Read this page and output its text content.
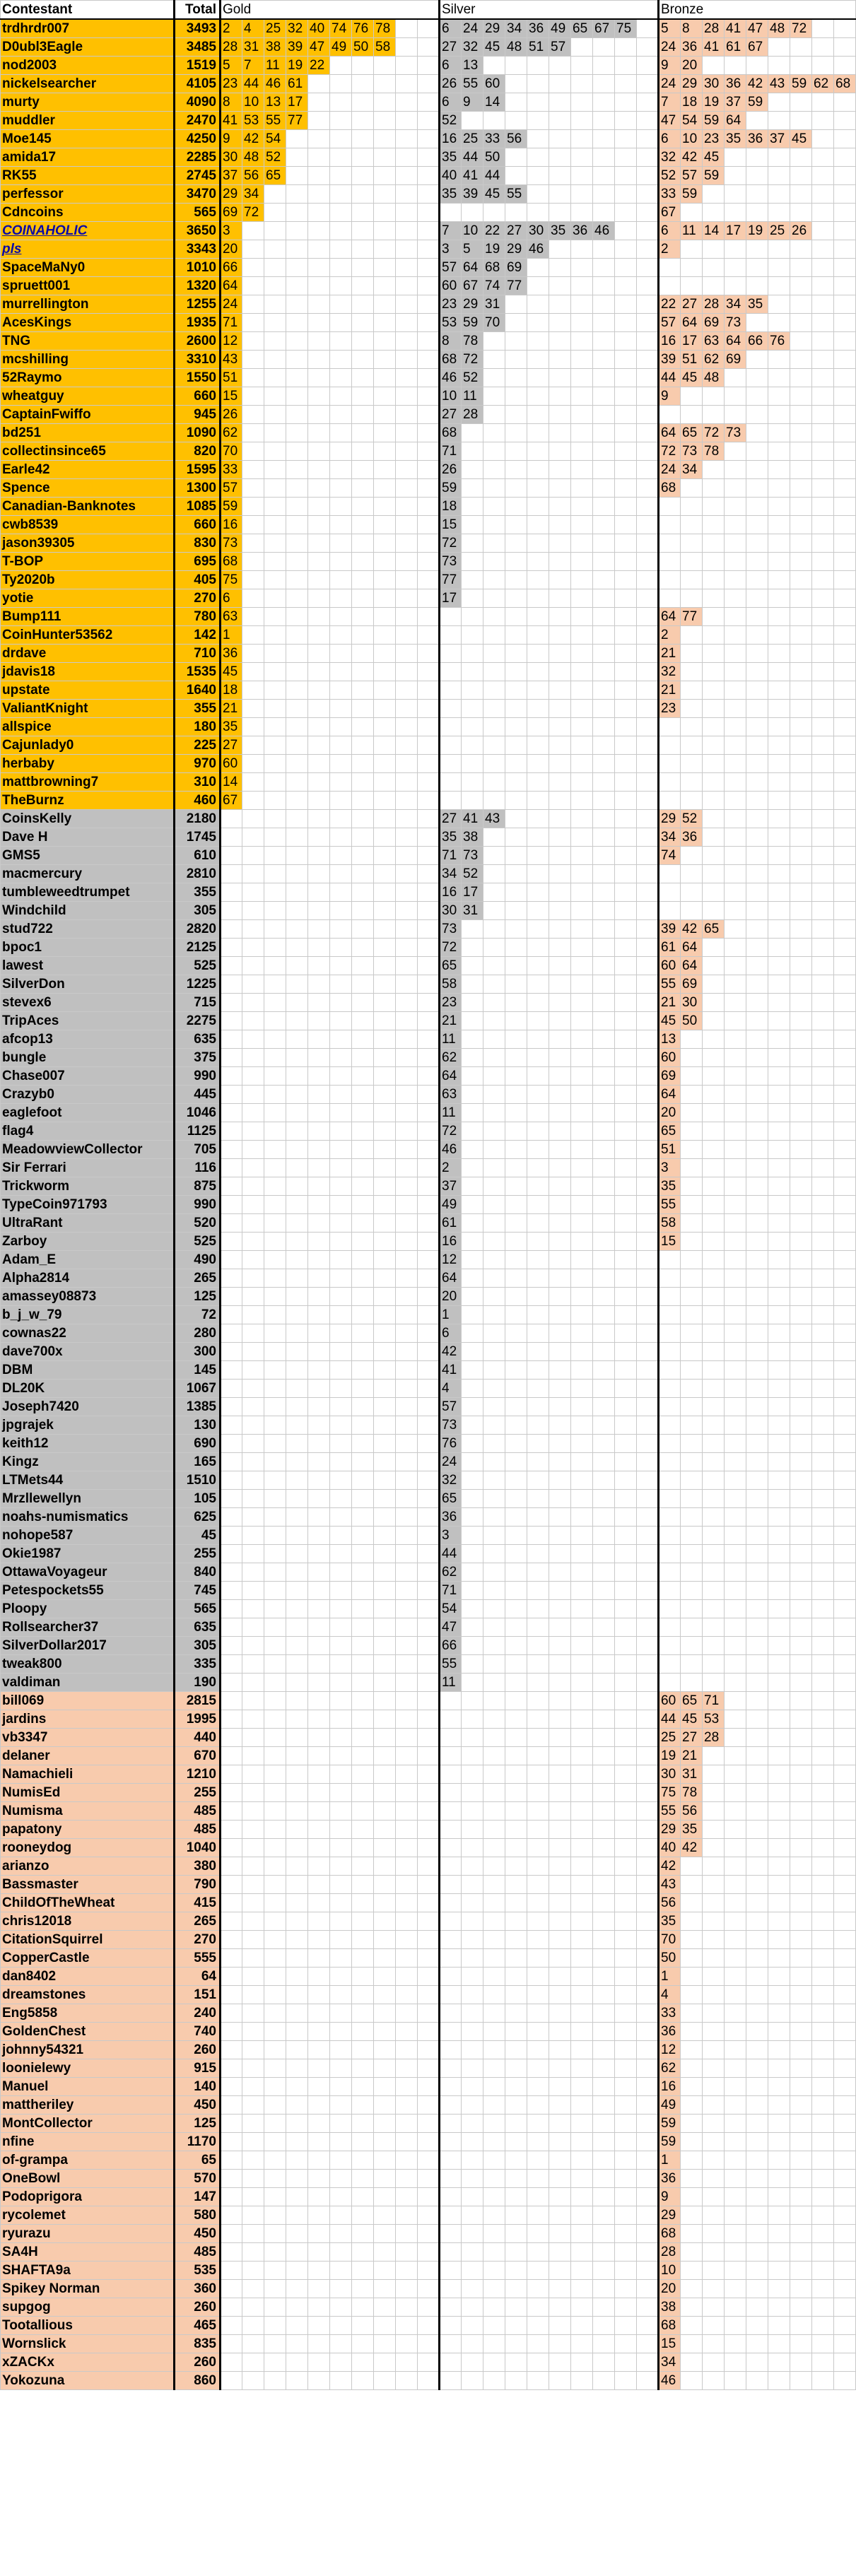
Contestant	Total	Gold										Silver										Bronze								
trdhrdr007	3493	2	4	25	32	40	74	76	78			6	24	29	34	36	49	65	67	75		5	8	28	41	47	48	72		
D0ubl3Eagle	3485	28	31	38	39	47	49	50	58			27	32	45	48	51	57					24	36	41	61	67				
nod2003	1519	5	7	11	19	22						6	13									9	20							
nickelsearcher	4105	23	44	46	61							26	55	60								24	29	30	36	42	43	59	62	68
murty	4090	8	10	13	17							6	9	14								7	18	19	37	59				
muddler	2470	41	53	55	77							52										47	54	59	64					
Moe145	4250	9	42	54								16	25	33	56							6	10	23	35	36	37	45		
amida17	2285	30	48	52								35	44	50								32	42	45						
RK55	2745	37	56	65								40	41	44								52	57	59						
perfessor	3470	29	34									35	39	45	55							33	59							
Cdncoins	565	69	72																			67								
COINAHOLIC	3650	3										7	10	22	27	30	35	36	46			6	11	14	17	19	25	26		
pls	3343	20										3	5	19	29	46						2								
SpaceMaNy0	1010	66										57	64	68	69															
spruett001	1320	64										60	67	74	77															
murrellington	1255	24										23	29	31								22	27	28	34	35				
AcesKings	1935	71										53	59	70								57	64	69	73					
TNG	2600	12										8	78									16	17	63	64	66	76			
mcshilling	3310	43										68	72									39	51	62	69					
52Raymo	1550	51										46	52									44	45	48						
wheatguy	660	15										10	11									9								
CaptainFwiffo	945	26										27	28																	
bd251	1090	62										68										64	65	72	73					
collectinsince65	820	70										71										72	73	78						
Earle42	1595	33										26										24	34							
Spence	1300	57										59										68								
Canadian-Banknotes	1085	59										18																		
cwb8539	660	16										15																		
jason39305	830	73										72																		
T-BOP	695	68										73																		
Ty2020b	405	75										77																		
yotie	270	6										17																		
Bump111	780	63																				64	77							
CoinHunter53562	142	1																				2								
drdave	710	36																				21								
jdavis18	1535	45																				32								
upstate	1640	18																				21								
ValiantKnight	355	21																				23								
allspice	180	35																												
Cajunlady0	225	27																												
herbaby	970	60																												
mattbrowning7	310	14																												
TheBurnz	460	67																												
CoinsKelly	2180											27	41	43								29	52							
Dave H	1745											35	38									34	36							
GMS5	610											71	73									74								
macmercury	2810											34	52																	
tumbleweedtrumpet	355											16	17																	
Windchild	305											30	31																	
stud722	2820											73										39	42	65						
bpoc1	2125											72										61	64							
lawest	525											65										60	64							
SilverDon	1225											58										55	69							
stevex6	715											23										21	30							
TripAces	2275											21										45	50							
afcop13	635											11										13								
bungle	375											62										60								
Chase007	990											64										69								
Crazyb0	445											63										64								
eaglefoot	1046											11										20								
flag4	1125											72										65								
MeadowviewCollector	705											46										51								
Sir Ferrari	116											2										3								
Trickworm	875											37										35								
TypeCoin971793	990											49										55								
UltraRant	520											61										58								
Zarboy	525											16										15								
Adam_E	490											12																		
Alpha2814	265											64																		
amassey08873	125											20																		
b_j_w_79	72											1																		
cownas22	280											6																		
dave700x	300											42																		
DBM	145											41																		
DL20K	1067											4																		
Joseph7420	1385											57																		
jpgrajek	130											73																		
keith12	690											76																		
Kingz	165											24																		
LTMets44	1510											32																		
Mrzllewellyn	105											65																		
noahs-numismatics	625											36																		
nohope587	45											3																		
Okie1987	255											44																		
OttawaVoyageur	840											62																		
Petespockets55	745											71																		
Ploopy	565											54																		
Rollsearcher37	635											47																		
SilverDollar2017	305											66																		
tweak800	335											55																		
valdiman	190											11																		
bill069	2815																					60	65	71						
jardins	1995																					44	45	53						
vb3347	440																					25	27	28						
delaner	670																					19	21							
Namachieli	1210																					30	31							
NumisEd	255																					75	78							
Numisma	485																					55	56							
papatony	485																					29	35							
rooneydog	1040																					40	42							
arianzo	380																					42								
Bassmaster	790																					43								
ChildOfTheWheat	415																					56								
chris12018	265																					35								
CitationSquirrel	270																					70								
CopperCastle	555																					50								
dan8402	64																					1								
dreamstones	151																					4								
Eng5858	240																					33								
GoldenChest	740																					36								
johnny54321	260																					12								
loonielewy	915																					62								
Manuel	140																					16								
mattheriley	450																					49								
MontCollector	125																					59								
nfine	1170																					59								
of-grampa	65																					1								
OneBowl	570																					36								
Podoprigora	147																					9								
rycolemet	580																					29								
ryurazu	450																					68								
SA4H	485																					28								
SHAFTA9a	535																					10								
Spikey Norman	360																					20								
supgog	260																					38								
Tootallious	465																					68								
Wornslick	835																					15								
xZACKx	260																					34								
Yokozuna	860																					46								
